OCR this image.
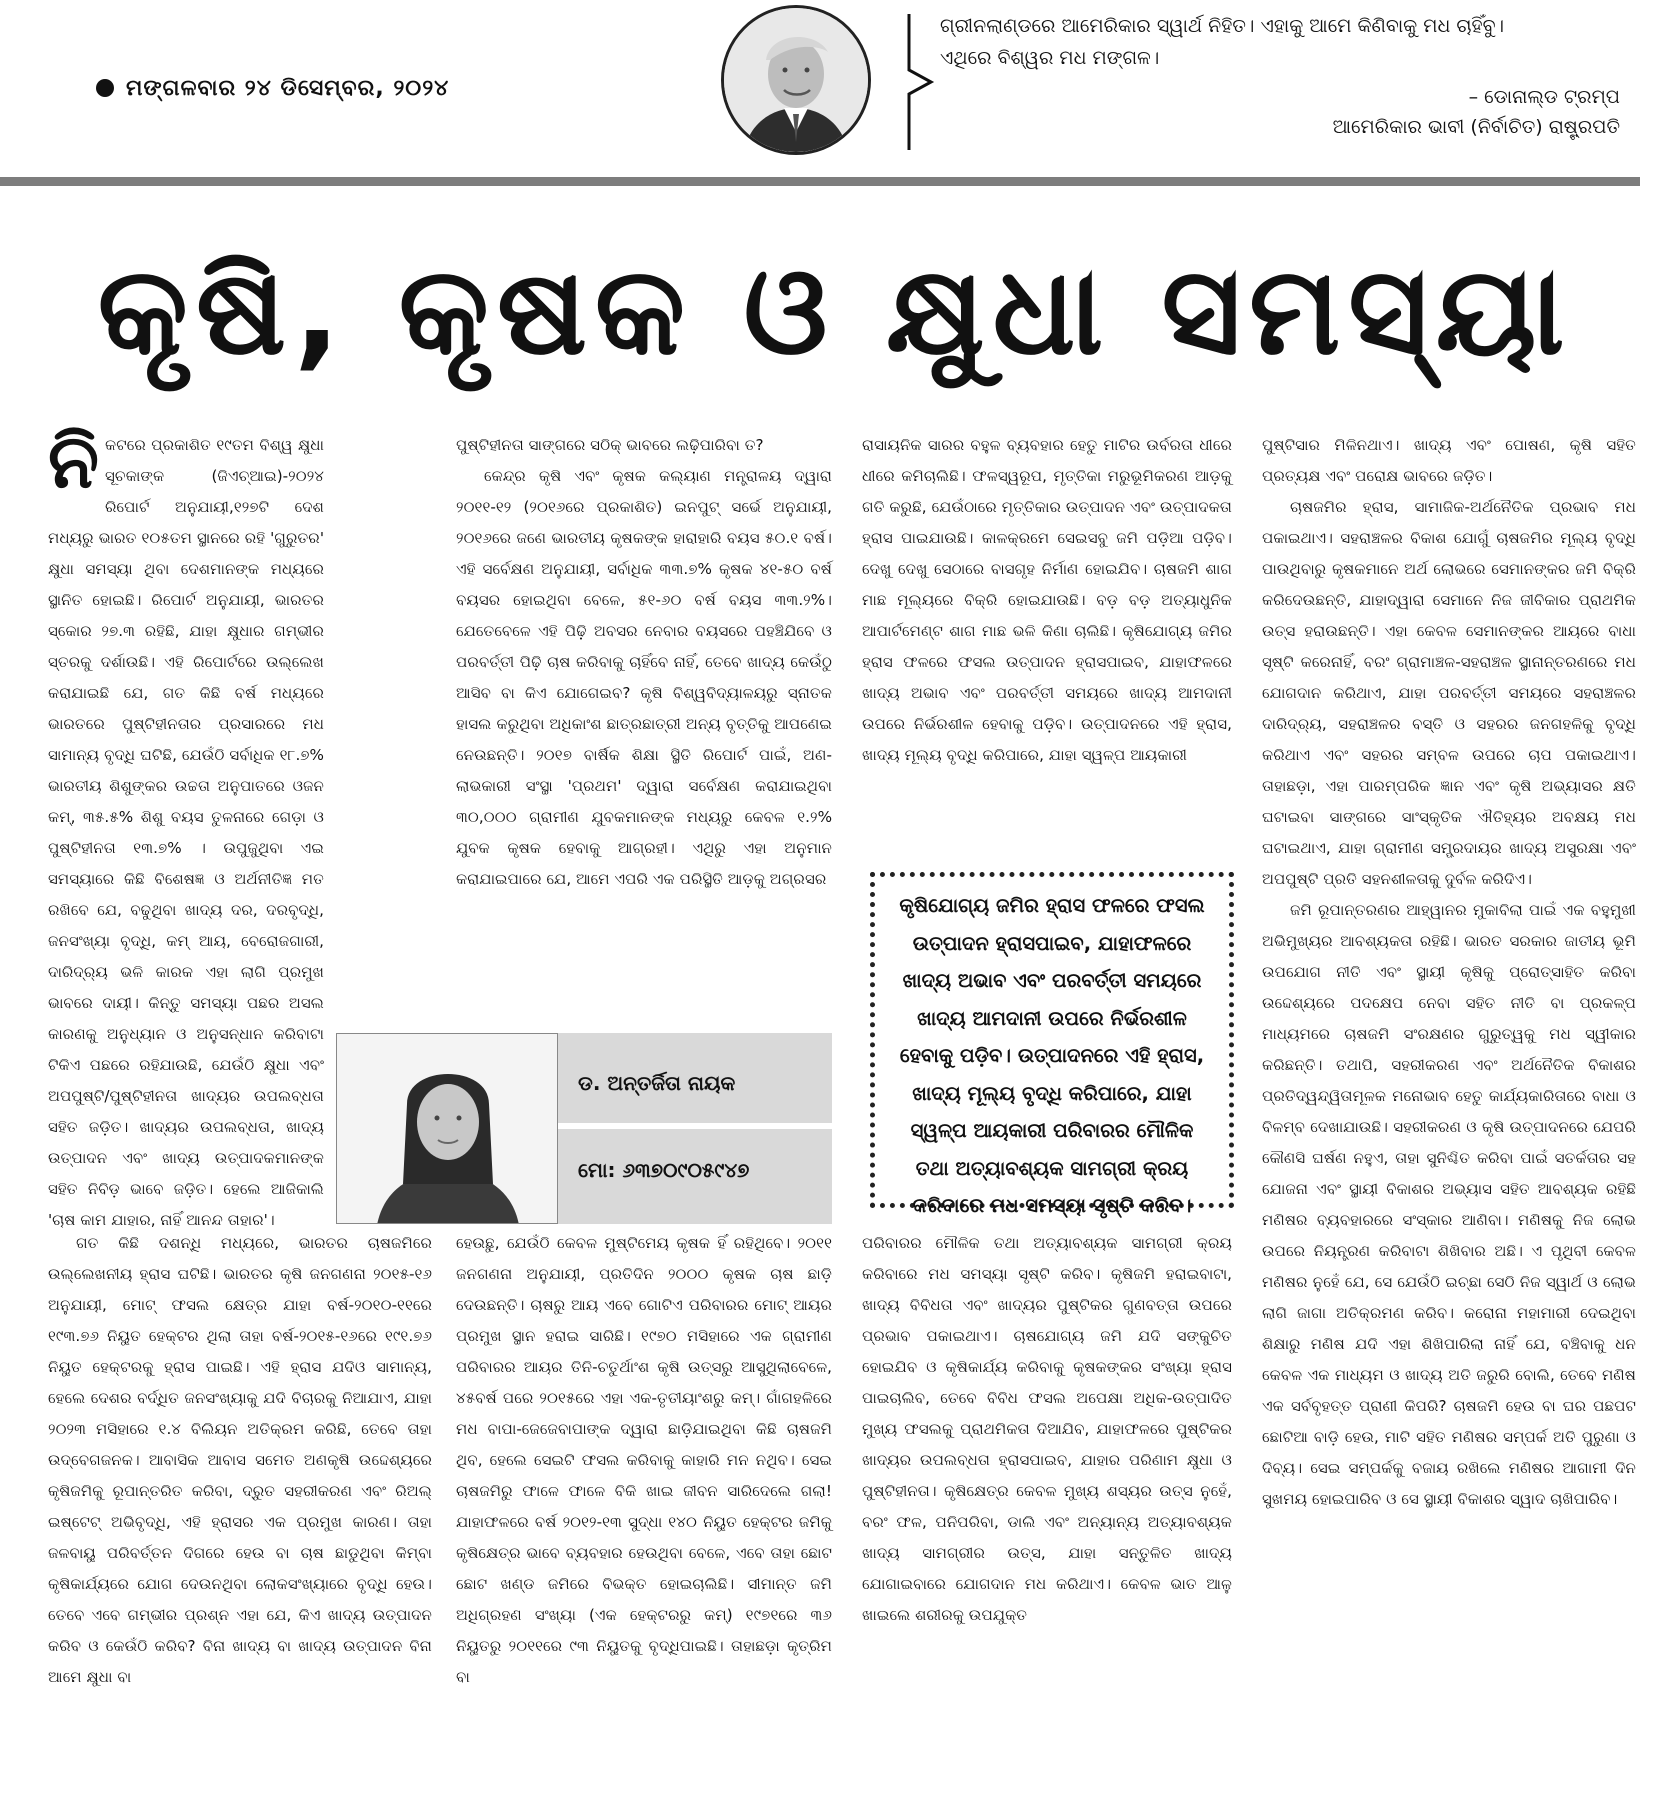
ମଙ୍ଗଳବାର ୨୪ ଡିସେମ୍ବର, ୨୦୨୪
ଗ୍ରୀନଲାଣ୍ଡରେ ଆମେରିକାର ସ୍ୱାର୍ଥ ନିହିତ। ଏହାକୁ ଆମେ କିଣିବାକୁ ମଧ ଚାହିଁବୁ।
ଏଥିରେ ବିଶ୍ୱର ମଧ ମଙ୍ଗଳ।
– ଡୋନାଲ୍ଡ ଟ୍ରମ୍ପ
ଆମେରିକାର ଭାବୀ (ନିର୍ବାଚିତ) ରାଷ୍ଟ୍ରପତି
କୃଷି, କୃଷକ ଓ କ୍ଷୁଧା ସମସ୍ୟା

ନିକଟରେ ପ୍ରକାଶିତ ୧୯ତମ ବିଶ୍ୱ କ୍ଷୁଧା ସୂଚକାଙ୍କ (ଜିଏଚ୍‌ଆଇ)-୨୦୨୪ ରିପୋର୍ଟ ଅନୁଯାୟୀ,୧୨୭ଟି ଦେଶ ମଧ୍ୟରୁ ଭାରତ ୧୦୫ତମ ସ୍ଥାନରେ ରହି 'ଗୁରୁତର' କ୍ଷୁଧା ସମସ୍ୟା ଥିବା ଦେଶମାନଙ୍କ ମଧ୍ୟରେ ସ୍ଥାନିତ ହୋଇଛି। ରିପୋର୍ଟ ଅନୁଯାୟୀ, ଭାରତର ସ୍କୋର ୨୭.୩ ରହିଛି, ଯାହା କ୍ଷୁଧାର ଗମ୍ଭୀର ସ୍ତରକୁ ଦର୍ଶାଉଛି। ଏହି ରିପୋର୍ଟରେ ଉଲ୍ଲେଖ କରାଯାଇଛି ଯେ, ଗତ କିଛି ବର୍ଷ ମଧ୍ୟରେ ଭାରତରେ ପୁଷ୍ଟିହୀନତାର ପ୍ରସାରରେ ମଧ ସାମାନ୍ୟ ବୃଦ୍ଧି ଘଟିଛି, ଯେଉଁଠି ସର୍ବାଧିକ ୧୮.୭% ଭାରତୀୟ ଶିଶୁଙ୍କର ଉଚ୍ଚତା ଅନୁପାତରେ ଓଜନ କମ୍, ୩୫.୫% ଶିଶୁ ବୟସ ତୁଳନାରେ ଗେଡ଼ା ଓ ପୁଷ୍ଟିହୀନତା ୧୩.୭% । ଉପୁଜୁଥିବା ଏଇ ସମସ୍ୟାରେ କିଛି ବିଶେଷଜ୍ଞ ଓ ଅର୍ଥନୀତିଜ୍ଞ ମତ ରଖିବେ ଯେ, ବଢୁଥିବା ଖାଦ୍ୟ ଦର, ଦରବୃଦ୍ଧି, ଜନସଂଖ୍ୟା ବୃଦ୍ଧି, କମ୍ ଆୟ, ବେରୋଜଗାରୀ, ଦାରିଦ୍ର୍ୟ ଭଳି କାରକ ଏହା ଲାଗି ପ୍ରମୁଖ ଭାବରେ ଦାୟୀ। କିନ୍ତୁ ସମସ୍ୟା ପଛର ଅସଲ କାରଣକୁ ଅନୁଧ୍ୟାନ ଓ ଅନୁସନ୍ଧାନ କରିବାଟା ଟିକିଏ ପଛରେ ରହିଯାଉଛି, ଯେଉଁଠି କ୍ଷୁଧା ଏବଂ ଅପପୁଷ୍ଟି/ପୁଷ୍ଟିହୀନତା ଖାଦ୍ୟର ଉପଲବ୍ଧତା ସହିତ ଜଡ଼ିତ। ଖାଦ୍ୟର ଉପଲବ୍ଧତା, ଖାଦ୍ୟ ଉତ୍ପାଦନ ଏବଂ ଖାଦ୍ୟ ଉତ୍ପାଦକମାନଙ୍କ ସହିତ ନିବିଡ଼ ଭାବେ ଜଡ଼ିତ। ହେଲେ ଆଜିକାଲି 'ଚାଷ କାମ ଯାହାର, ନାହିଁ ଆନନ୍ଦ ତାହାର'।

ଗତ କିଛି ଦଶନ୍ଧି ମଧ୍ୟରେ, ଭାରତର ଚାଷଜମିରେ ଉଲ୍ଲେଖନୀୟ ହ୍ରାସ ଘଟିଛି। ଭାରତର କୃଷି ଜନଗଣନା ୨୦୧୫-୧୬ ଅନୁଯାୟୀ, ମୋଟ୍ ଫସଲ କ୍ଷେତ୍ର ଯାହା ବର୍ଷ-୨୦୧୦-୧୧ରେ ୧୯୩.୭୬ ନିୟୁତ ହେକ୍ଟର ଥିଲା ତାହା ବର୍ଷ-୨୦୧୫-୧୬ରେ ୧୯୧.୭୬ ନିୟୁତ ହେକ୍ଟରକୁ ହ୍ରାସ ପାଇଛି। ଏହି ହ୍ରାସ ଯଦିଓ ସାମାନ୍ୟ, ହେଲେ ଦେଶର ବର୍ଦ୍ଧିତ ଜନସଂଖ୍ୟାକୁ ଯଦି ବିଚାରକୁ ନିଆଯାଏ, ଯାହା ୨୦୨୩ ମସିହାରେ ୧.୪ ବିଲିୟନ ଅତିକ୍ରମ କରିଛି, ତେବେ ତାହା ଉଦ୍‌ବେଗଜନକ। ଆବାସିକ ଆବାସ ସମେତ ଅଣକୃଷି ଉଦ୍ଦେଶ୍ୟରେ କୃଷିଜମିକୁ ରୂପାନ୍ତରିତ କରିବା, ଦ୍ରୁତ ସହରୀକରଣ ଏବଂ ରିଅଲ୍ ଇଷ୍ଟେଟ୍ ଅଭିବୃଦ୍ଧି, ଏହି ହ୍ରାସର ଏକ ପ୍ରମୁଖ କାରଣ। ତାହା ଜଳବାୟୁ ପରିବର୍ତ୍ତନ ଦିଗରେ ହେଉ ବା ଚାଷ ଛାଡୁଥିବା କିମ୍ବା କୃଷିକାର୍ଯ୍ୟରେ ଯୋଗ ଦେଉନଥିବା ଲୋକସଂଖ୍ୟାରେ ବୃଦ୍ଧି ହେଉ। ତେବେ ଏବେ ଗମ୍ଭୀର ପ୍ରଶ୍ନ ଏହା ଯେ, କିଏ ଖାଦ୍ୟ ଉତ୍ପାଦନ କରିବ ଓ କେଉଁଠି କରିବ? ବିନା ଖାଦ୍ୟ ବା ଖାଦ୍ୟ ଉତ୍ପାଦନ ବିନା ଆମେ କ୍ଷୁଧା ବା

ପୁଷ୍ଟିହୀନତା ସାଙ୍ଗରେ ସଠିକ୍ ଭାବରେ ଲଢ଼ିପାରିବା ତ?

କେନ୍ଦ୍ର କୃଷି ଏବଂ କୃଷକ କଲ୍ୟାଣ ମନ୍ତ୍ରାଳୟ ଦ୍ୱାରା ୨୦୧୧-୧୨ (୨୦୧୬ରେ ପ୍ରକାଶିତ) ଇନପୁଟ୍ ସର୍ଭେ ଅନୁଯାୟୀ, ୨୦୧୬ରେ ଜଣେ ଭାରତୀୟ କୃଷକଙ୍କ ହାରାହାରି ବୟସ ୫୦.୧ ବର୍ଷ। ଏହି ସର୍ବେକ୍ଷଣ ଅନୁଯାୟୀ, ସର୍ବାଧିକ ୩୩.୭% କୃଷକ ୪୧-୫୦ ବର୍ଷ ବୟସର ହୋଇଥିବା ବେଳେ, ୫୧-୬୦ ବର୍ଷ ବୟସ ୩୩.୨%। ଯେତେବେଳେ ଏହି ପିଢ଼ି ଅବସର ନେବାର ବୟସରେ ପହଞ୍ଚିଯିବେ ଓ ପରବର୍ତ୍ତୀ ପିଢ଼ି ଚାଷ କରିବାକୁ ଚାହିଁବେ ନାହିଁ, ତେବେ ଖାଦ୍ୟ କେଉଁଠୁ ଆସିବ ବା କିଏ ଯୋଗେଇବ? କୃଷି ବିଶ୍ୱବିଦ୍ୟାଳୟରୁ ସ୍ନାତକ ହାସଲ କରୁଥିବା ଅଧିକାଂଶ ଛାତ୍ରଛାତ୍ରୀ ଅନ୍ୟ ବୃତ୍ତିକୁ ଆପଣେଇ ନେଉଛନ୍ତି। ୨୦୧୭ ବାର୍ଷିକ ଶିକ୍ଷା ସ୍ଥିତି ରିପୋର୍ଟ ପାଇଁ, ଅଣ-ଲାଭକାରୀ ସଂସ୍ଥା 'ପ୍ରଥମ' ଦ୍ୱାରା ସର୍ବେକ୍ଷଣ କରାଯାଇଥିବା ୩୦,୦୦୦ ଗ୍ରାମୀଣ ଯୁବକମାନଙ୍କ ମଧ୍ୟରୁ କେବଳ ୧.୨% ଯୁବକ କୃଷକ ହେବାକୁ ଆଗ୍ରହୀ। ଏଥିରୁ ଏହା ଅନୁମାନ କରାଯାଇପାରେ ଯେ, ଆମେ ଏପରି ଏକ ପରିସ୍ଥିତି ଆଡ଼କୁ ଅଗ୍ରସର

ଡ. ଅନ୍ତର୍ଜିତା ନାୟକ
ମୋ: ୬୩୭୦୯୦୫୯୪୭

ହେଉଛୁ, ଯେଉଁଠି କେବଳ ମୁଷ୍ଟିମେୟ କୃଷକ ହିଁ ରହିଥିବେ। ୨୦୧୧ ଜନଗଣନା ଅନୁଯାୟୀ, ପ୍ରତିଦିନ ୨୦୦୦ କୃଷକ ଚାଷ ଛାଡ଼ି ଦେଉଛନ୍ତି। ଚାଷରୁ ଆୟ ଏବେ ଗୋଟିଏ ପରିବାରର ମୋଟ୍ ଆୟର ପ୍ରମୁଖ ସ୍ଥାନ ହରାଇ ସାରିଛି। ୧୯୭୦ ମସିହାରେ ଏକ ଗ୍ରାମୀଣ ପରିବାରର ଆୟର ତିନି-ଚତୁର୍ଥାଂଶ କୃଷି ଉତ୍ସରୁ ଆସୁଥିଲାବେଳେ, ୪୫ବର୍ଷ ପରେ ୨୦୧୫ରେ ଏହା ଏକ-ତୃତୀୟାଂଶରୁ କମ୍। ଗାଁଗହଳିରେ ମଧ ବାପା-ଜେଜେବାପାଙ୍କ ଦ୍ୱାରା ଛାଡ଼ିଯାଇଥିବା କିଛି ଚାଷଜମି ଥିବ, ହେଲେ ସେଇଟି ଫସଲ କରିବାକୁ କାହାରି ମନ ନଥିବ। ସେଇ ଚାଷଜମିରୁ ଫାଳେ ଫାଳେ ବିକି ଖାଇ ଜୀବନ ସାରିଦେଲେ ଗଲା! ଯାହାଫଳରେ ବର୍ଷ ୨୦୧୨-୧୩ ସୁଦ୍ଧା ୧୪୦ ନିୟୁତ ହେକ୍ଟର ଜମିକୁ କୃଷିକ୍ଷେତ୍ର ଭାବେ ବ୍ୟବହାର ହେଉଥିବା ବେଳେ, ଏବେ ତାହା ଛୋଟ ଛୋଟ ଖଣ୍ଡ ଜମିରେ ବିଭକ୍ତ ହୋଇଚାଲିଛି। ସୀମାନ୍ତ ଜମି ଅଧିଗ୍ରହଣ ସଂଖ୍ୟା (ଏକ ହେକ୍ଟରରୁ କମ୍) ୧୯୭୧ରେ ୩୬ ନିୟୁତରୁ ୨୦୧୧ରେ ୯୩ ନିୟୁତକୁ ବୃଦ୍ଧିପାଇଛି। ତାହାଛଡ଼ା କୃତ୍ରିମ ବା

ରାସାୟନିକ ସାରର ବହୁଳ ବ୍ୟବହାର ହେତୁ ମାଟିର ଉର୍ବରତା ଧୀରେ ଧୀରେ କମିଚାଲିଛି। ଫଳସ୍ୱରୂପ, ମୃତ୍ତିକା ମରୁଭୂମିକରଣ ଆଡ଼କୁ ଗତି କରୁଛି, ଯେଉଁଠାରେ ମୃତ୍ତିକାର ଉତ୍ପାଦନ ଏବଂ ଉତ୍ପାଦକତା ହ୍ରାସ ପାଇଯାଉଛି। କାଳକ୍ରମେ ସେଇସବୁ ଜମି ପଡ଼ିଆ ପଡ଼ିବ। ଦେଖୁ ଦେଖୁ ସେଠାରେ ବାସଗୃହ ନିର୍ମାଣ ହୋଇଯିବ। ଚାଷଜମି ଶାଗ ମାଛ ମୂଲ୍ୟରେ ବିକ୍ରି ହୋଇଯାଉଛି। ବଡ଼ ବଡ଼ ଅତ୍ୟାଧୁନିକ ଆପାର୍ଟମେଣ୍ଟ ଶାଗ ମାଛ ଭଳି କିଣା ଚାଲିଛି। କୃଷିଯୋଗ୍ୟ ଜମିର ହ୍ରାସ ଫଳରେ ଫସଲ ଉତ୍ପାଦନ ହ୍ରାସପାଇବ, ଯାହାଫଳରେ ଖାଦ୍ୟ ଅଭାବ ଏବଂ ପରବର୍ତ୍ତୀ ସମୟରେ ଖାଦ୍ୟ ଆମଦାନୀ ଉପରେ ନିର୍ଭରଶୀଳ ହେବାକୁ ପଡ଼ିବ। ଉତ୍ପାଦନରେ ଏହି ହ୍ରାସ, ଖାଦ୍ୟ ମୂଲ୍ୟ ବୃଦ୍ଧି କରିପାରେ, ଯାହା ସ୍ୱଳ୍ପ ଆୟକାରୀ

କୃଷିଯୋଗ୍ୟ ଜମିର ହ୍ରାସ ଫଳରେ ଫସଲ ଉତ୍ପାଦନ ହ୍ରାସପାଇବ, ଯାହାଫଳରେ ଖାଦ୍ୟ ଅଭାବ ଏବଂ ପରବର୍ତ୍ତୀ ସମୟରେ ଖାଦ୍ୟ ଆମଦାନୀ ଉପରେ ନିର୍ଭରଶୀଳ ହେବାକୁ ପଡ଼ିବ। ଉତ୍ପାଦନରେ ଏହି ହ୍ରାସ, ଖାଦ୍ୟ ମୂଲ୍ୟ ବୃଦ୍ଧି କରିପାରେ, ଯାହା ସ୍ୱଳ୍ପ ଆୟକାରୀ ପରିବାରର ମୌଳିକ ତଥା ଅତ୍ୟାବଶ୍ୟକ ସାମଗ୍ରୀ କ୍ରୟ କରିବାରେ ମଧ ସମସ୍ୟା ସୃଷ୍ଟି କରିବ।

ପରିବାରର ମୌଳିକ ତଥା ଅତ୍ୟାବଶ୍ୟକ ସାମଗ୍ରୀ କ୍ରୟ କରିବାରେ ମଧ ସମସ୍ୟା ସୃଷ୍ଟି କରିବ। କୃଷିଜମି ହରାଇବାଟା, ଖାଦ୍ୟ ବିବିଧତା ଏବଂ ଖାଦ୍ୟର ପୁଷ୍ଟିକର ଗୁଣବତ୍ତା ଉପରେ ପ୍ରଭାବ ପକାଇଥାଏ। ଚାଷଯୋଗ୍ୟ ଜମି ଯଦି ସଙ୍କୁଚିତ ହୋଇଯିବ ଓ କୃଷିକାର୍ଯ୍ୟ କରିବାକୁ କୃଷକଙ୍କର ସଂଖ୍ୟା ହ୍ରାସ ପାଇଚାଲିବ, ତେବେ ବିବିଧ ଫସଲ ଅପେକ୍ଷା ଅଧିକ-ଉତ୍ପାଦିତ ମୁଖ୍ୟ ଫସଲକୁ ପ୍ରାଥମିକତା ଦିଆଯିବ, ଯାହାଫଳରେ ପୁଷ୍ଟିକର ଖାଦ୍ୟର ଉପଲବ୍ଧତା ହ୍ରାସପାଇବ, ଯାହାର ପରିଣାମ କ୍ଷୁଧା ଓ ପୁଷ୍ଟିହୀନତା। କୃଷିକ୍ଷେତ୍ର କେବଳ ମୁଖ୍ୟ ଶସ୍ୟର ଉତ୍ସ ନୁହେଁ, ବରଂ ଫଳ, ପନିପରିବା, ଡାଲି ଏବଂ ଅନ୍ୟାନ୍ୟ ଅତ୍ୟାବଶ୍ୟକ ଖାଦ୍ୟ ସାମଗ୍ରୀର ଉତ୍ସ, ଯାହା ସନ୍ତୁଳିତ ଖାଦ୍ୟ ଯୋଗାଇବାରେ ଯୋଗଦାନ ମଧ କରିଥାଏ। କେବଳ ଭାତ ଆଳୁ ଖାଇଲେ ଶରୀରକୁ ଉପଯୁକ୍ତ

ପୁଷ୍ଟିସାର ମିଳିନଥାଏ। ଖାଦ୍ୟ ଏବଂ ପୋଷଣ, କୃଷି ସହିତ ପ୍ରତ୍ୟକ୍ଷ ଏବଂ ପରୋକ୍ଷ ଭାବରେ ଜଡ଼ିତ।

ଚାଷଜମିର ହ୍ରାସ, ସାମାଜିକ-ଅର୍ଥନୈତିକ ପ୍ରଭାବ ମଧ ପକାଇଥାଏ। ସହରାଞ୍ଚଳର ବିକାଶ ଯୋଗୁଁ ଚାଷଜମିର ମୂଲ୍ୟ ବୃଦ୍ଧି ପାଉଥିବାରୁ କୃଷକମାନେ ଅର୍ଥ ଲୋଭରେ ସେମାନଙ୍କର ଜମି ବିକ୍ରି କରିଦେଉଛନ୍ତି, ଯାହାଦ୍ୱାରା ସେମାନେ ନିଜ ଜୀବିକାର ପ୍ରାଥମିକ ଉତ୍ସ ହରାଉଛନ୍ତି। ଏହା କେବଳ ସେମାନଙ୍କର ଆୟରେ ବାଧା ସୃଷ୍ଟି କରେନାହିଁ, ବରଂ ଗ୍ରାମାଞ୍ଚଳ-ସହରାଞ୍ଚଳ ସ୍ଥାନାନ୍ତରଣରେ ମଧ ଯୋଗଦାନ କରିଥାଏ, ଯାହା ପରବର୍ତ୍ତୀ ସମୟରେ ସହରାଞ୍ଚଳର ଦାରିଦ୍ର୍ୟ, ସହରାଞ୍ଚଳର ବସ୍ତି ଓ ସହରର ଜନଗହଳିକୁ ବୃଦ୍ଧି କରିଥାଏ ଏବଂ ସହରର ସମ୍ବଳ ଉପରେ ଚାପ ପକାଇଥାଏ। ତାହାଛଡ଼ା, ଏହା ପାରମ୍ପରିକ ଜ୍ଞାନ ଏବଂ କୃଷି ଅଭ୍ୟାସର କ୍ଷତି ଘଟାଇବା ସାଙ୍ଗରେ ସାଂସ୍କୃତିକ ଐତିହ୍ୟର ଅବକ୍ଷୟ ମଧ ଘଟାଇଥାଏ, ଯାହା ଗ୍ରାମୀଣ ସମ୍ପ୍ରଦାୟର ଖାଦ୍ୟ ଅସୁରକ୍ଷା ଏବଂ ଅପପୁଷ୍ଟି ପ୍ରତି ସହନଶୀଳତାକୁ ଦୁର୍ବଳ କରିଦିଏ।

ଜମି ରୂପାନ୍ତରଣର ଆହ୍ୱାନର ମୁକାବିଲା ପାଇଁ ଏକ ବହୁମୁଖୀ ଅଭିମୁଖ୍ୟର ଆବଶ୍ୟକତା ରହିଛି। ଭାରତ ସରକାର ଜାତୀୟ ଭୂମି ଉପଯୋଗ ନୀତି ଏବଂ ସ୍ଥାୟୀ କୃଷିକୁ ପ୍ରୋତ୍ସାହିତ କରିବା ଉଦ୍ଦେଶ୍ୟରେ ପଦକ୍ଷେପ ନେବା ସହିତ ନୀତି ବା ପ୍ରକଳ୍ପ ମାଧ୍ୟମରେ ଚାଷଜମି ସଂରକ୍ଷଣର ଗୁରୁତ୍ୱକୁ ମଧ ସ୍ୱୀକାର କରିଛନ୍ତି। ତଥାପି, ସହରୀକରଣ ଏବଂ ଅର୍ଥନୈତିକ ବିକାଶର ପ୍ରତିଦ୍ୱନ୍ଦ୍ୱିତାମୂଳକ ମନୋଭାବ ହେତୁ କାର୍ଯ୍ୟକାରିତାରେ ବାଧା ଓ ବିଳମ୍ବ ଦେଖାଯାଉଛି। ସହରୀକରଣ ଓ କୃଷି ଉତ୍ପାଦନରେ ଯେପରି କୌଣସି ଘର୍ଷଣ ନହୁଏ, ତାହା ସୁନିଶ୍ଚିତ କରିବା ପାଇଁ ସତର୍କତାର ସହ ଯୋଜନା ଏବଂ ସ୍ଥାୟୀ ବିକାଶର ଅଭ୍ୟାସ ସହିତ ଆବଶ୍ୟକ ରହିଛି ମଣିଷର ବ୍ୟବହାରରେ ସଂସ୍କାର ଆଣିବା। ମଣିଷକୁ ନିଜ ଲୋଭ ଉପରେ ନିୟନ୍ତ୍ରଣ କରିବାଟା ଶିଖିବାର ଅଛି। ଏ ପୃଥିବୀ କେବଳ ମଣିଷର ନୁହେଁ ଯେ, ସେ ଯେଉଁଠି ଇଚ୍ଛା ସେଠି ନିଜ ସ୍ୱାର୍ଥ ଓ ଲୋଭ ଲାଗି ଜାଗା ଅତିକ୍ରମଣ କରିବ। କରୋନା ମହାମାରୀ ଦେଇଥିବା ଶିକ୍ଷାରୁ ମଣିଷ ଯଦି ଏହା ଶିଖିପାରିଲା ନାହିଁ ଯେ, ବଞ୍ଚିବାକୁ ଧନ କେବଳ ଏକ ମାଧ୍ୟମ ଓ ଖାଦ୍ୟ ଅତି ଜରୁରି ବୋଲି, ତେବେ ମଣିଷ ଏକ ସର୍ବବୃହତ୍ତ ପ୍ରାଣୀ କିପରି? ଚାଷଜମି ହେଉ ବା ଘର ପଛପଟ ଛୋଟିଆ ବାଡ଼ି ହେଉ, ମାଟି ସହିତ ମଣିଷର ସମ୍ପର୍କ ଅତି ପୁରୁଣା ଓ ଦିବ୍ୟ। ସେଇ ସମ୍ପର୍କକୁ ବଜାୟ ରଖିଲେ ମଣିଷର ଆଗାମୀ ଦିନ ସୁଖମୟ ହୋଇପାରିବ ଓ ସେ ସ୍ଥାୟୀ ବିକାଶର ସ୍ୱାଦ ଚାଖିପାରିବ।
